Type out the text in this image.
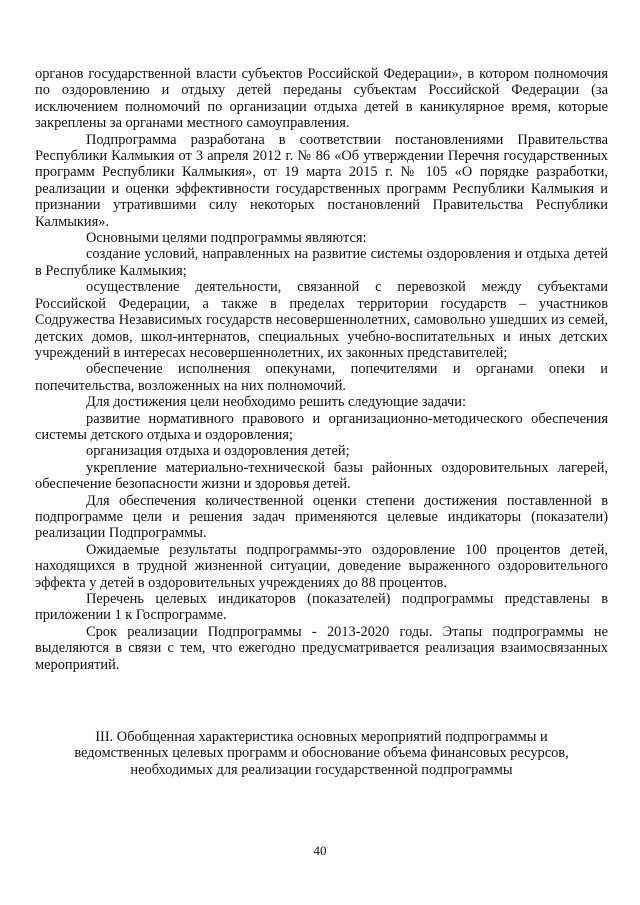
органов государственной власти субъектов Российской Федерации», в котором полномочия по оздоровлению и отдыху детей переданы субъектам Российской Федерации (за исключением полномочий по организации отдыха детей в каникулярное время, которые закреплены за органами местного самоуправления.

Подпрограмма разработана в соответствии постановлениями Правительства Республики Калмыкия от 3 апреля 2012 г. № 86 «Об утверждении Перечня государственных программ Республики Калмыкия», от 19 марта 2015 г. № 105 «О порядке разработки, реализации и оценки эффективности государственных программ Республики Калмыкия и признании утратившими силу некоторых постановлений Правительства Республики Калмыкия».

Основными целями подпрограммы являются:

создание условий, направленных на развитие системы оздоровления и отдыха детей в Республике Калмыкия;

осуществление деятельности, связанной с перевозкой между субъектами Российской Федерации, а также в пределах территории государств – участников Содружества Независимых государств несовершеннолетних, самовольно ушедших из семей, детских домов, школ-интернатов, специальных учебно-воспитательных и иных детских учреждений в интересах несовершеннолетних, их законных представителей;

обеспечение исполнения опекунами, попечителями и органами опеки и попечительства, возложенных на них полномочий.

Для достижения цели необходимо решить следующие задачи:

развитие нормативного правового и организационно-методического обеспечения системы детского отдыха и оздоровления;

организация отдыха и оздоровления детей;

укрепление материально-технической базы районных оздоровительных лагерей, обеспечение безопасности жизни и здоровья детей.

Для обеспечения количественной оценки степени достижения поставленной в подпрограмме цели и решения задач применяются целевые индикаторы (показатели) реализации Подпрограммы.

Ожидаемые результаты подпрограммы-это оздоровление 100 процентов детей, находящихся в трудной жизненной ситуации, доведение выраженного оздоровительного эффекта у детей в оздоровительных учреждениях до 88 процентов.

Перечень целевых индикаторов (показателей) подпрограммы представлены в приложении 1 к Госпрограмме.

Срок реализации Подпрограммы - 2013-2020 годы. Этапы подпрограммы не выделяются в связи с тем, что ежегодно предусматривается реализация взаимосвязанных мероприятий.

III. Обобщенная характеристика основных мероприятий подпрограммы и ведомственных целевых программ и обоснование объема финансовых ресурсов, необходимых для реализации государственной подпрограммы

40
